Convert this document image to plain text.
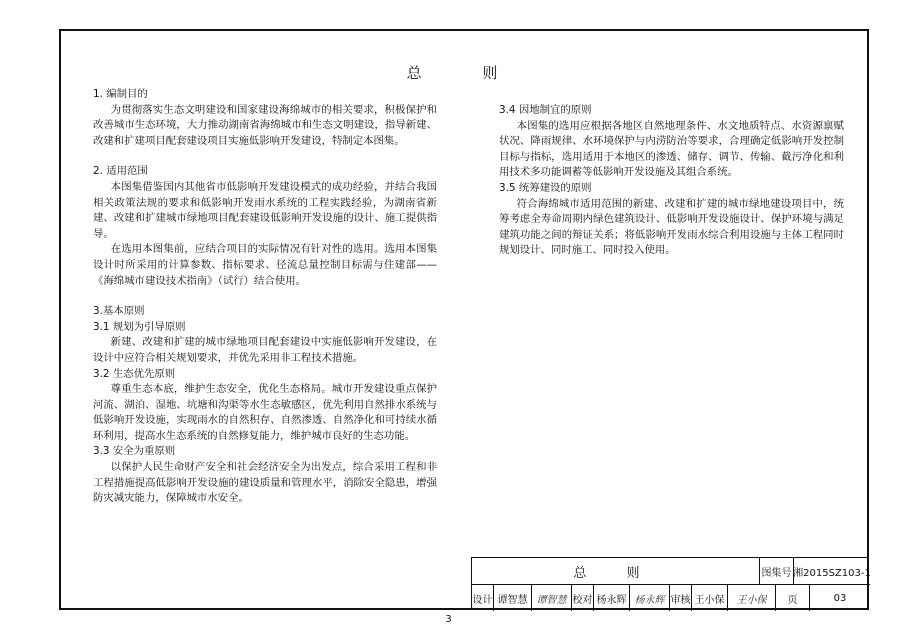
总 则

1. 编制目的

为贯彻落实生态文明建设和国家建设海绵城市的相关要求，积极保护和改善城市生态环境，大力推动湖南省海绵城市和生态文明建设，指导新建、改建和扩建项目配套建设项目实施低影响开发建设，特制定本图集。

2. 适用范围

本图集借鉴国内其他省市低影响开发建设模式的成功经验，并结合我国相关政策法规的要求和低影响开发雨水系统的工程实践经验，为湖南省新建、改建和扩建城市绿地项目配套建设低影响开发设施的设计、施工提供指导。

在选用本图集前，应结合项目的实际情况有针对性的选用。选用本图集设计时所采用的计算参数、指标要求、径流总量控制目标需与住建部——《海绵城市建设技术指南》（试行）结合使用。

3.基本原则

3.1 规划为引导原则

新建、改建和扩建的城市绿地项目配套建设中实施低影响开发建设，在设计中应符合相关规划要求，并优先采用非工程技术措施。

3.2 生态优先原则

尊重生态本底，维护生态安全，优化生态格局。城市开发建设重点保护河流、湖泊、湿地、坑塘和沟渠等水生态敏感区，优先利用自然排水系统与低影响开发设施，实现雨水的自然积存、自然渗透、自然净化和可持续水循环利用，提高水生态系统的自然修复能力，维护城市良好的生态功能。

3.3 安全为重原则

以保护人民生命财产安全和社会经济安全为出发点，综合采用工程和非工程措施提高低影响开发设施的建设质量和管理水平，消除安全隐患，增强防灾减灾能力，保障城市水安全。

3.4 因地制宜的原则

本图集的选用应根据各地区自然地理条件、水文地质特点、水资源禀赋状况、降雨规律、水环境保护与内涝防治等要求，合理确定低影响开发控制目标与指标，选用适用于本地区的渗透、储存、调节、传输、截污净化和利用技术多功能调蓄等低影响开发设施及其组合系统。

3.5 统筹建设的原则

符合海绵城市适用范围的新建、改建和扩建的城市绿地建设项目中，统筹考虑全寿命周期内绿色建筑设计、低影响开发设施设计、保护环境与满足建筑功能之间的辩证关系；将低影响开发雨水综合利用设施与主体工程同时规划设计、同时施工、同时投入使用。

总 则	图集号 湘2015SZ103-1
设计 谭智慧 谭智慧 校对 杨永辉 杨永辉 审核 王小保	王小保	页	03
3
